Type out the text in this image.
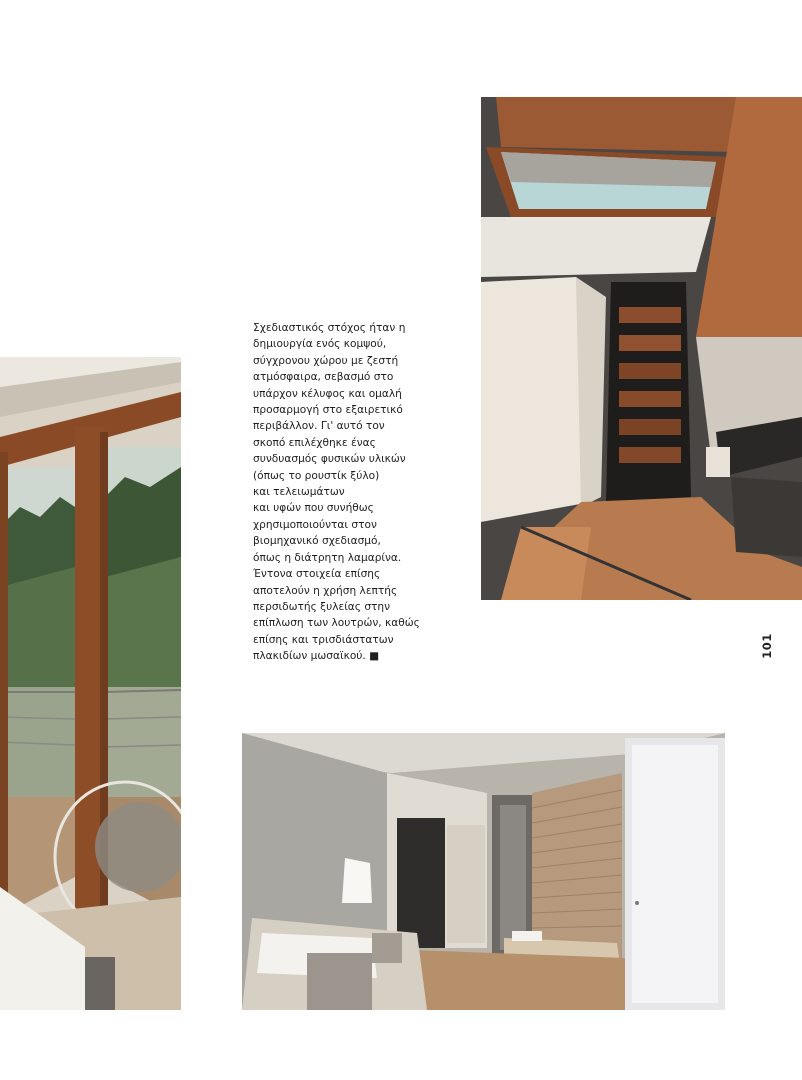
Σχεδιαστικός στόχος ήταν η
δημιουργία ενός κομψού,
σύγχρονου χώρου με ζεστή
ατμόσφαιρα, σεβασμό στο
υπάρχον κέλυφος και ομαλή
προσαρμογή στο εξαιρετικό
περιβάλλον. Γι' αυτό τον
σκοπό επιλέχθηκε ένας
συνδυασμός φυσικών υλικών
(όπως το ρουστίκ ξύλο)
και τελειωμάτων
και υφών που συνήθως
χρησιμοποιούνται στον
βιομηχανικό σχεδιασμό,
όπως η διάτρητη λαμαρίνα.
Έντονα στοιχεία επίσης
αποτελούν η χρήση λεπτής
περσιδωτής ξυλείας στην
επίπλωση των λουτρών, καθώς
επίσης και τρισδιάστατων
πλακιδίων μωσαϊκού. ■	101
